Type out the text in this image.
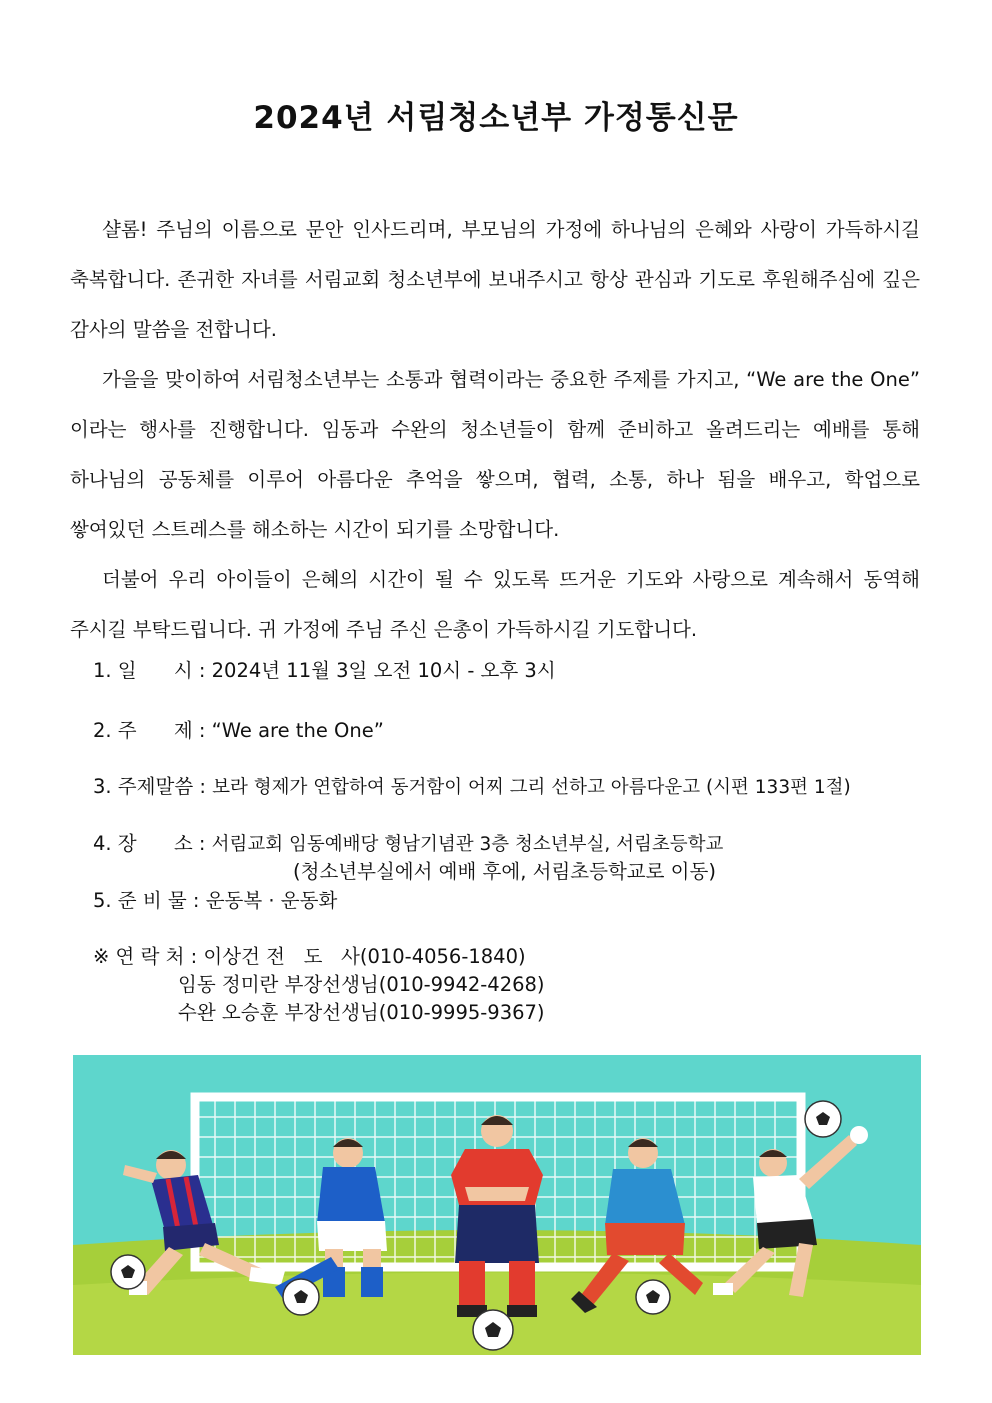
2024년 서림청소년부 가정통신문

샬롬! 주님의 이름으로 문안 인사드리며, 부모님의 가정에 하나님의 은혜와 사랑이 가득하시길 축복합니다. 존귀한 자녀를 서림교회 청소년부에 보내주시고 항상 관심과 기도로 후원해주심에 깊은 감사의 말씀을 전합니다.

가을을 맞이하여 서림청소년부는 소통과 협력이라는 중요한 주제를 가지고, “We are the One” 이라는 행사를 진행합니다. 임동과 수완의 청소년들이 함께 준비하고 올려드리는 예배를 통해 하나님의 공동체를 이루어 아름다운 추억을 쌓으며, 협력, 소통, 하나 됨을 배우고, 학업으로 쌓여있던 스트레스를 해소하는 시간이 되기를 소망합니다.

더불어 우리 아이들이 은혜의 시간이 될 수 있도록 뜨거운 기도와 사랑으로 계속해서 동역해 주시길 부탁드립니다. 귀 가정에 주님 주신 은총이 가득하시길 기도합니다.

1. 일      시 : 2024년 11월 3일 오전 10시 - 오후 3시
2. 주      제 : “We are the One”
3. 주제말씀 : 보라 형제가 연합하여 동거함이 어찌 그리 선하고 아름다운고 (시편 133편 1절)
4. 장      소 : 서림교회 임동예배당 형남기념관 3층 청소년부실, 서림초등학교
(청소년부실에서 예배 후에, 서림초등학교로 이동)
5. 준 비 물 : 운동복 · 운동화
※ 연 락 처 : 이상건 전   도   사(010-4056-1840)
임동 정미란 부장선생님(010-9942-4268)
수완 오승훈 부장선생님(010-9995-9367)
